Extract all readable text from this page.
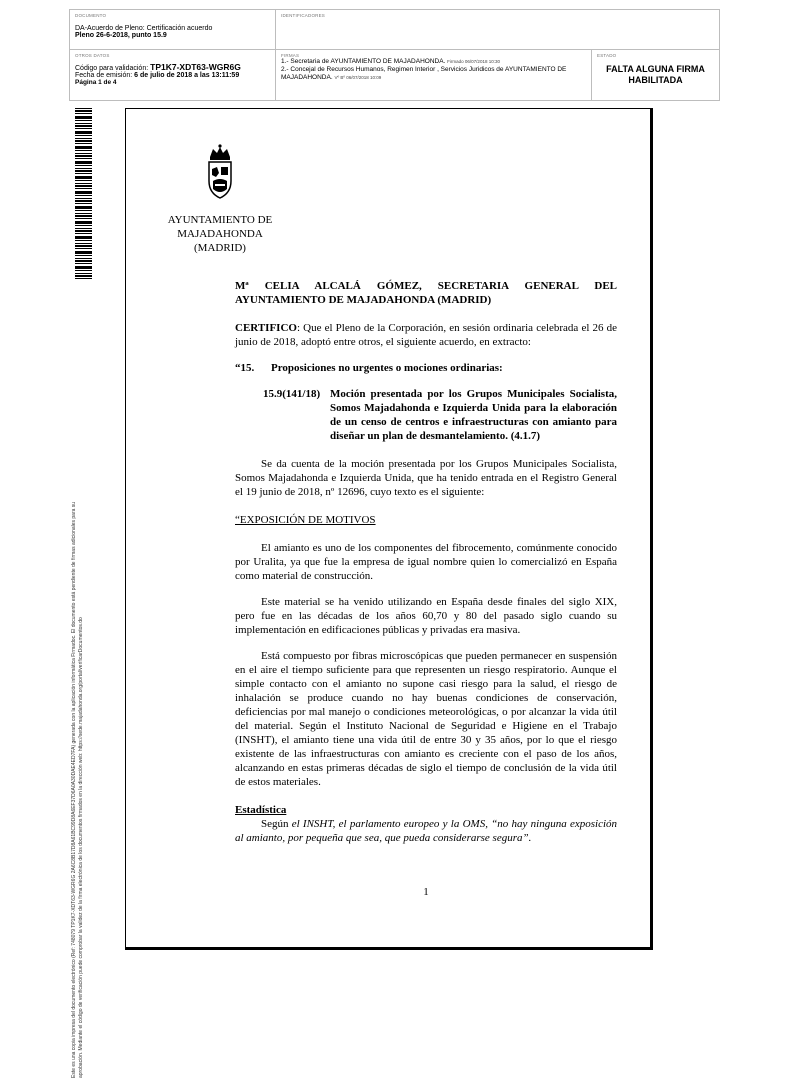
DOCUMENTO
DA-Acuerdo de Pleno: Certificación acuerdo
Pleno 26-6-2018, punto 15.9
IDENTIFICADORES
OTROS DATOS
Código para validación: TP1K7-XDT63-WGR6G
Fecha de emisión: 6 de julio de 2018 a las 13:11:59
Página 1 de 4
FIRMAS
1.- Secretaria de AYUNTAMIENTO DE MAJADAHONDA. Firmado 06/07/2018 10:30
2.- Concejal de Recursos Humanos, Regimen Interior , Servicios Juridicos de AYUNTAMIENTO DE MAJADAHONDA. Vº Bº 06/07/2018 10:09
ESTADO
FALTA ALGUNA FIRMA
HABILITADA
Este es una copia impresa del documento electrónico (Ref: 748079 TP1K7-XDT63-WGR6G 2A6C8B17D8A61BC99D8A6EF37D6A0A30DAE4ED7FA) generada con la aplicación informática Firmadoc. El documento está pendiente de firmas adicionales para su aprobación. Mediante el código de verificación puede comprobar la validez de la firma electrónica de los documentos firmados en la dirección web: https://sede.majadahonda.org/portal/verificarDocumentos.do
AYUNTAMIENTO DE
MAJADAHONDA
(MADRID)

Mª CELIA ALCALÁ GÓMEZ, SECRETARIA GENERAL DEL AYUNTAMIENTO DE MAJADAHONDA (MADRID)

CERTIFICO: Que el Pleno de la Corporación, en sesión ordinaria celebrada el 26 de junio de 2018, adoptó entre otros, el siguiente acuerdo, en extracto:

“15.	Proposiciones no urgentes o mociones ordinarias:
15.9(141/18) Moción presentada por los Grupos Municipales Socialista, Somos Majadahonda e Izquierda Unida para la elaboración de un censo de centros e infraestructuras con amianto para diseñar un plan de desmantelamiento. (4.1.7)

Se da cuenta de la moción presentada por los Grupos Municipales Socialista, Somos Majadahonda e Izquierda Unida, que ha tenido entrada en el Registro General el 19 junio de 2018, nº 12696, cuyo texto es el siguiente:

“EXPOSICIÓN DE MOTIVOS

El amianto es uno de los componentes del fibrocemento, comúnmente conocido por Uralita, ya que fue la empresa de igual nombre quien lo comercializó en España como material de construcción.

Este material se ha venido utilizando en España desde finales del siglo XIX, pero fue en las décadas de los años 60,70 y 80 del pasado siglo cuando su implementación en edificaciones públicas y privadas era masiva.

Está compuesto por fibras microscópicas que pueden permanecer en suspensión en el aire el tiempo suficiente para que representen un riesgo respiratorio. Aunque el simple contacto con el amianto no supone casi riesgo para la salud, el riesgo de inhalación se produce cuando no hay buenas condiciones de conservación, deficiencias por mal manejo o condiciones meteorológicas, o por alcanzar la vida útil del material. Según el Instituto Nacional de Seguridad e Higiene en el Trabajo (INSHT), el amianto tiene una vida útil de entre 30 y 35 años, por lo que el riesgo existente de las infraestructuras con amianto es creciente con el paso de los años, alcanzando en estas primeras décadas de siglo el tiempo de conclusión de la vida útil de estos materiales.

Estadística

Según el INSHT, el parlamento europeo y la OMS, “no hay ninguna exposición al amianto, por pequeña que sea, que pueda considerarse segura”.

1
